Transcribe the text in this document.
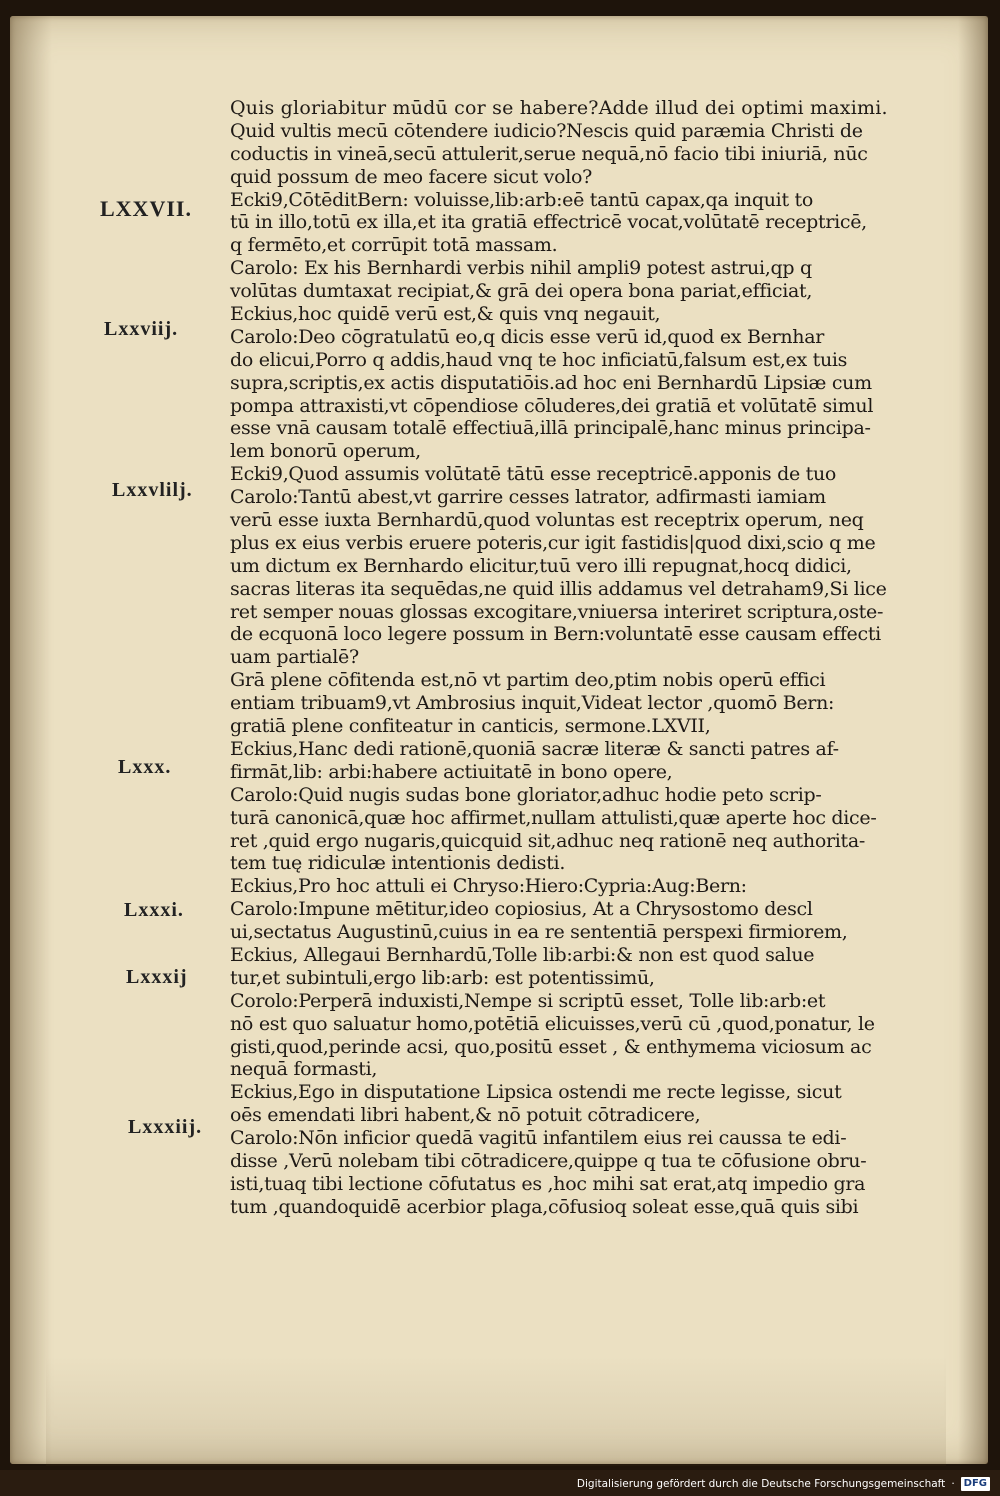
LXXVII.
Lxxviij.
Lxxvlilj.
Lxxx.
Lxxxi.
Lxxxij
Lxxxiij.
Quis gloriabitur mūdū cor se habere?Adde illud dei optimi maximi.
Quid vultis mecū cōtendere iudicio?Nescis quid paræmia Christi de
coductis in vineā,secū attulerit,serue nequā,nō facio tibi iniuriā, nūc
quid possum de meo facere sicut volo?
Ecki9,CōtēditBern: voluisse,lib:arb:eē tantū capax,qa inquit to
tū in illo,totū ex illa,et ita gratiā effectricē vocat,volūtatē receptricē,
q fermēto,et corrūpit totā massam.
Carolo: Ex his Bernhardi verbis nihil ampli9 potest astrui,qp q
volūtas dumtaxat recipiat,& grā dei opera bona pariat,efficiat,
Eckius,hoc quidē verū est,& quis vnq negauit,
Carolo:Deo cōgratulatū eo,q dicis esse verū id,quod ex Bernhar
do elicui,Porro q addis,haud vnq te hoc inficiatū,falsum est,ex tuis
supra,scriptis,ex actis disputatiōis.ad hoc eni Bernhardū Lipsiæ cum
pompa attraxisti,vt cōpendiose cōluderes,dei gratiā et volūtatē simul
esse vnā causam totalē effectiuā,illā principalē,hanc minus principa-
lem bonorū operum,
Ecki9,Quod assumis volūtatē tātū esse receptricē.apponis de tuo
Carolo:Tantū abest,vt garrire cesses latrator, adfirmasti iamiam
verū esse iuxta Bernhardū,quod voluntas est receptrix operum, neq
plus ex eius verbis eruere poteris,cur igit fastidis|quod dixi,scio q me
um dictum ex Bernhardo elicitur,tuū vero illi repugnat,hocq didici,
sacras literas ita sequēdas,ne quid illis addamus vel detraham9,Si lice
ret semper nouas glossas excogitare,vniuersa interiret scriptura,oste-
de ecquonā loco legere possum in Bern:voluntatē esse causam effecti
uam partialē?
Grā plene cōfitenda est,nō vt partim deo,ptim nobis operū effici
entiam tribuam9,vt Ambrosius inquit,Videat lector ,quomō Bern:
gratiā plene confiteatur in canticis, sermone.LXVII,
Eckius,Hanc dedi rationē,quoniā sacræ literæ & sancti patres af-
firmāt,lib: arbi:habere actiuitatē in bono opere,
Carolo:Quid nugis sudas bone gloriator,adhuc hodie peto scrip-
turā canonicā,quæ hoc affirmet,nullam attulisti,quæ aperte hoc dice-
ret ,quid ergo nugaris,quicquid sit,adhuc neq rationē neq authorita-
tem tuę ridiculæ intentionis dedisti.
Eckius,Pro hoc attuli ei Chryso:Hiero:Cypria:Aug:Bern:
Carolo:Impune mētitur,ideo copiosius, At a Chrysostomo descl
ui,sectatus Augustinū,cuius in ea re sententiā perspexi firmiorem,
Eckius, Allegaui Bernhardū,Tolle lib:arbi:& non est quod salue
tur,et subintuli,ergo lib:arb: est potentissimū,
Corolo:Perperā induxisti,Nempe si scriptū esset, Tolle lib:arb:et
nō est quo saluatur homo,potētiā elicuisses,verū cū ,quod,ponatur, le
gisti,quod,perinde acsi, quo,positū esset , & enthymema viciosum ac
nequā formasti,
Eckius,Ego in disputatione Lipsica ostendi me recte legisse, sicut
oēs emendati libri habent,& nō potuit cōtradicere,
Carolo:Nōn inficior quedā vagitū infantilem eius rei caussa te edi-
disse ,Verū nolebam tibi cōtradicere,quippe q tua te cōfusione obru-
isti,tuaq tibi lectione cōfutatus es ,hoc mihi sat erat,atq impedio gra
tum ,quandoquidē acerbior plaga,cōfusioq soleat esse,quā quis sibi
Digitalisierung gefördert durch die Deutsche Forschungsgemeinschaft · DFG
